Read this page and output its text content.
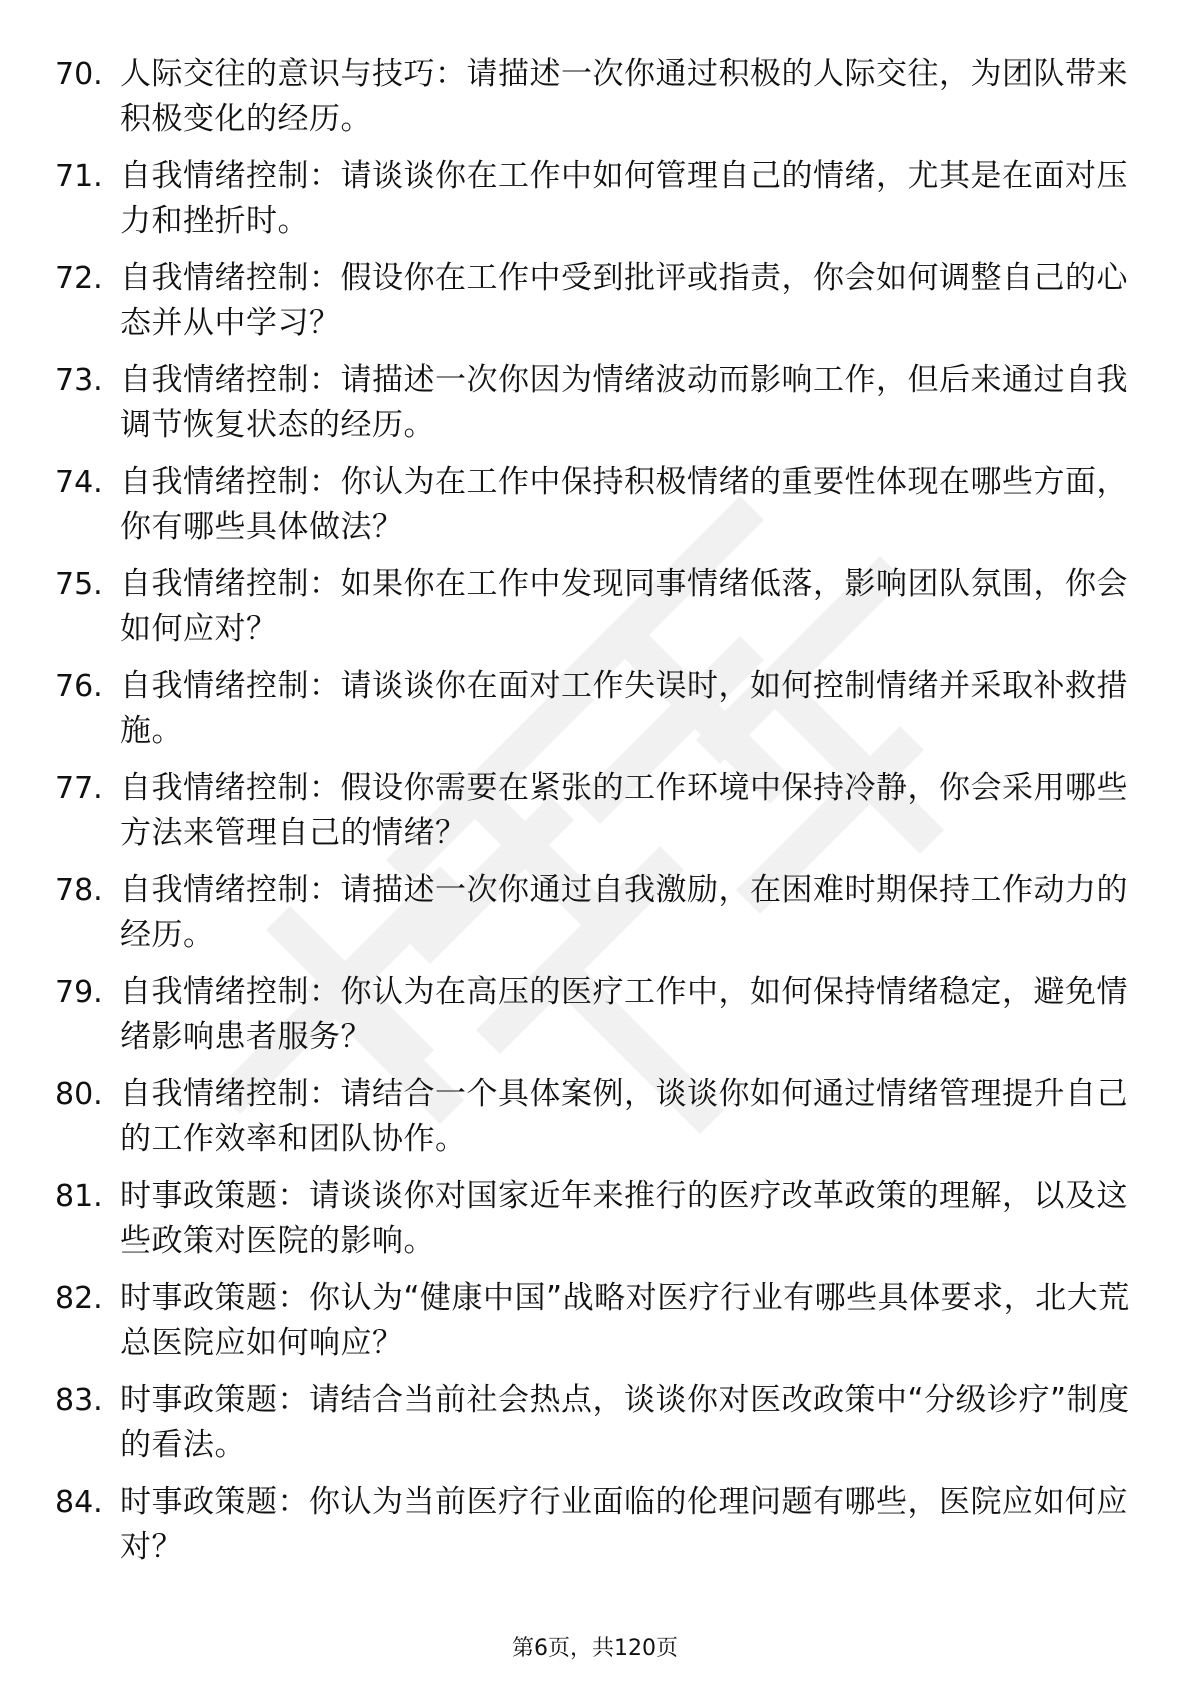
70. 人际交往的意识与技巧：请描述一次你通过积极的人际交往，为团队带来积极变化的经历。
71. 自我情绪控制：请谈谈你在工作中如何管理自己的情绪，尤其是在面对压力和挫折时。
72. 自我情绪控制：假设你在工作中受到批评或指责，你会如何调整自己的心态并从中学习？
73. 自我情绪控制：请描述一次你因为情绪波动而影响工作，但后来通过自我调节恢复状态的经历。
74. 自我情绪控制：你认为在工作中保持积极情绪的重要性体现在哪些方面，你有哪些具体做法？
75. 自我情绪控制：如果你在工作中发现同事情绪低落，影响团队氛围，你会如何应对？
76. 自我情绪控制：请谈谈你在面对工作失误时，如何控制情绪并采取补救措施。
77. 自我情绪控制：假设你需要在紧张的工作环境中保持冷静，你会采用哪些方法来管理自己的情绪？
78. 自我情绪控制：请描述一次你通过自我激励，在困难时期保持工作动力的经历。
79. 自我情绪控制：你认为在高压的医疗工作中，如何保持情绪稳定，避免情绪影响患者服务？
80. 自我情绪控制：请结合一个具体案例，谈谈你如何通过情绪管理提升自己的工作效率和团队协作。
81. 时事政策题：请谈谈你对国家近年来推行的医疗改革政策的理解，以及这些政策对医院的影响。
82. 时事政策题：你认为“健康中国”战略对医疗行业有哪些具体要求，北大荒总医院应如何响应？
83. 时事政策题：请结合当前社会热点，谈谈你对医改政策中“分级诊疗”制度的看法。
84. 时事政策题：你认为当前医疗行业面临的伦理问题有哪些，医院应如何应对？
第6页，共120页
